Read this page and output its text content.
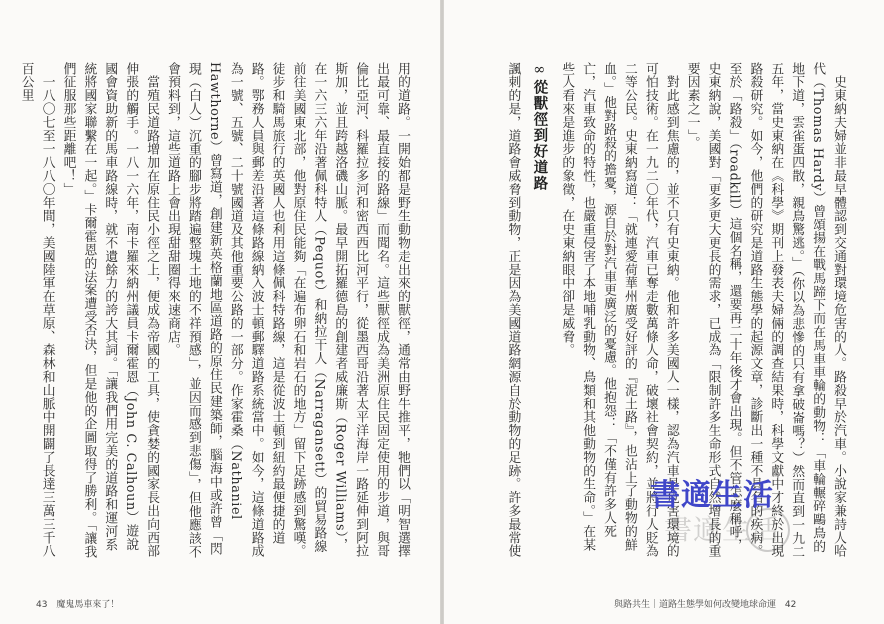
用的道路。一開始都是野生動物走出來的獸徑，通常由野牛推平，牠們以「明智選擇出最可靠、最直接的路線」而聞名。這些獸徑成為美洲原住民固定使用的步道，與哥倫比亞河、科羅拉多河和密西西比河平行，從墨西哥沿著太平洋海岸一路延伸到阿拉斯加，並且跨越洛磯山脈。最早開拓羅德島的創建者威廉斯（Roger Williams），在一六三六年沿著佩科特人（Pequot）和納拉干人（Narragansett）的貿易路線前往美國東北部，他對原住民能夠「在遍布卵石和岩石的地方」留下足跡感到驚嘆。徒步和騎馬旅行的英國人也利用這條佩科特路線，這是從波士頓到紐約最便捷的道路。鄂務人員與郵差沿著這條路線納入波士頓郵驛道路系統當中。如今，這條道路成為一號、五號、二十號國道及其他重要公路的一部分。作家霍桑（Nathaniel Hawthorne）曾寫道，創建新英格蘭地區道路的原住民建築師，腦海中或許曾「閃現（白人）沉重的腳步將踏遍整塊土地的不祥預感」，並因而感到悲傷」，但他應該不會預料到，這些道路上會出現甜甜圈得來速商店。

　當殖民道路增加在原住民小徑之上，便成為帝國的工具，使貪婪的國家長出向西部伸張的觸手。一八一六年，南卡羅來納州議員卡爾霍恩（John C. Calhoun）遊說國會資助新的馬車路線時，就不遺餘力的誇大其詞。「讓我們用完美的道路和運河系統將國家聯繫在一起。」卡爾霍恩的法案遭受否決，但是他的企圖取得了勝利。「讓我們征服那些距離吧！」

　一八〇七至一八八〇年間，美國陸軍在草原、森林和山脈中開闢了長達三萬三千八百公里

　	史東納夫婦並非最早體認到交通對環境危害的人。路殺早於汽車。小說家兼詩人哈代（Thomas Hardy）曾頌揚在戰馬蹄下而在馬車車輪的動物：「車輪輾碎鷗鳥的地下道，雲雀蛋四散，親鳥驚逃。」（你以為悲慘的只有拿破崙嗎？）然而直到一九二五年，當史東納在《科學》期刊上發表夫婦倆的調查結果時，科學文獻中才終於出現路殺研究。如今，他們的研究是道路生態學的起源文章，診斷出一種不具名的疾病。至於「路殺」（roadkill）這個名稱，還要再二十年後才會出現。但不管怎麼稱呼，史東納說，美國對「更多更大更長的需求，已成為「限制許多生命形式自然增長的重要因素之一」。

　對此感到焦慮的，並不只有史東納。他和許多美國人一樣，認為汽車是危害環境的可怕技術。在一九二〇年代，汽車已奪走數萬條人命，破壞社會契約，並將行人貶為二等公民。史東納寫道：「就連愛荷華州廣受好評的『泥土路』，也沾上了動物的鮮血。」他對路殺的擔憂，源自於對汽車更廣泛的憂慮。他抱怨：「不僅有許多人死亡，汽車致命的特性，也嚴重侵害了本地哺乳動物、鳥類和其他動物的生命。」在某些人看來是進步的象徵，在史東納眼中卻是威脅。

∞從獸徑到好道路

諷刺的是，道路會威脅到動物，正是因為美國道路網源自於動物的足跡。許多最常使

43 魔鬼馬車來了！	與路共生｜道路生態學如何改變地球命運 42
書適生活
書適生活
